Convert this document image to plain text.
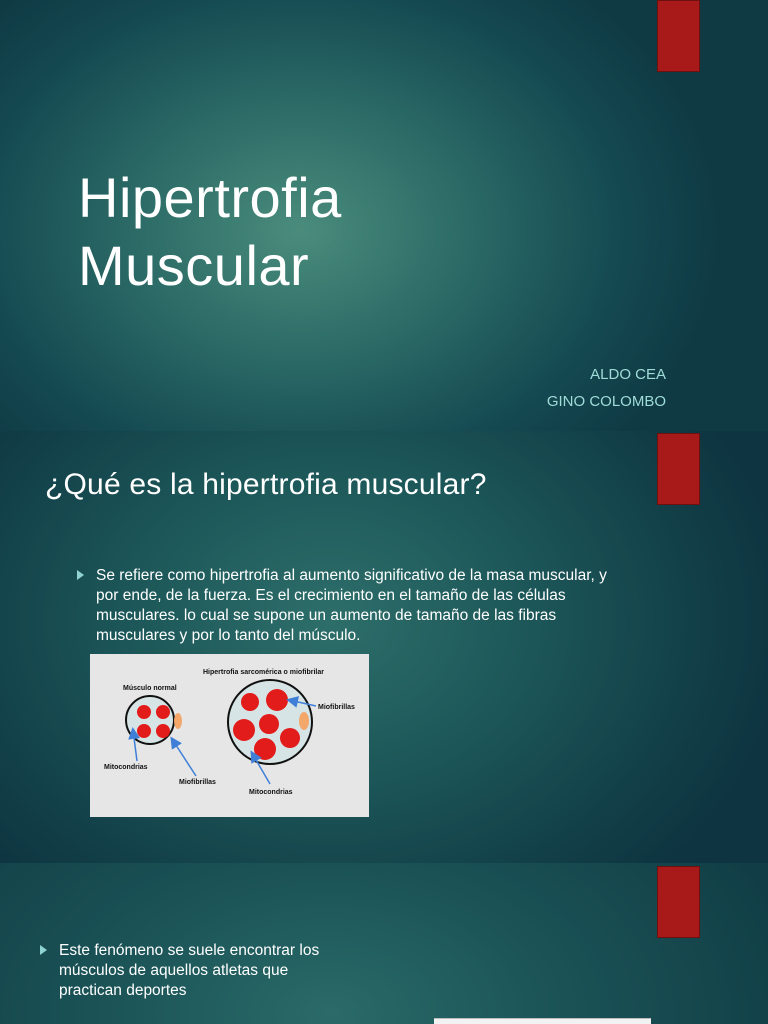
Hipertrofia
Muscular

ALDO CEA

GINO COLOMBO

¿Qué es la hipertrofia muscular?

Se refiere como hipertrofia al aumento significativo de la masa muscular, y por ende, de la fuerza. Es el crecimiento en el tamaño de las células musculares. lo cual se supone un aumento de tamaño de las fibras musculares y por lo tanto del músculo.

Músculo normal
Hipertrofia sarcomérica o miofibrilar
Mitocondrias
Miofibrillas
Miofibrillas
Mitocondrias

Este fenómeno se suele encontrar los músculos de aquellos atletas que practican deportes
